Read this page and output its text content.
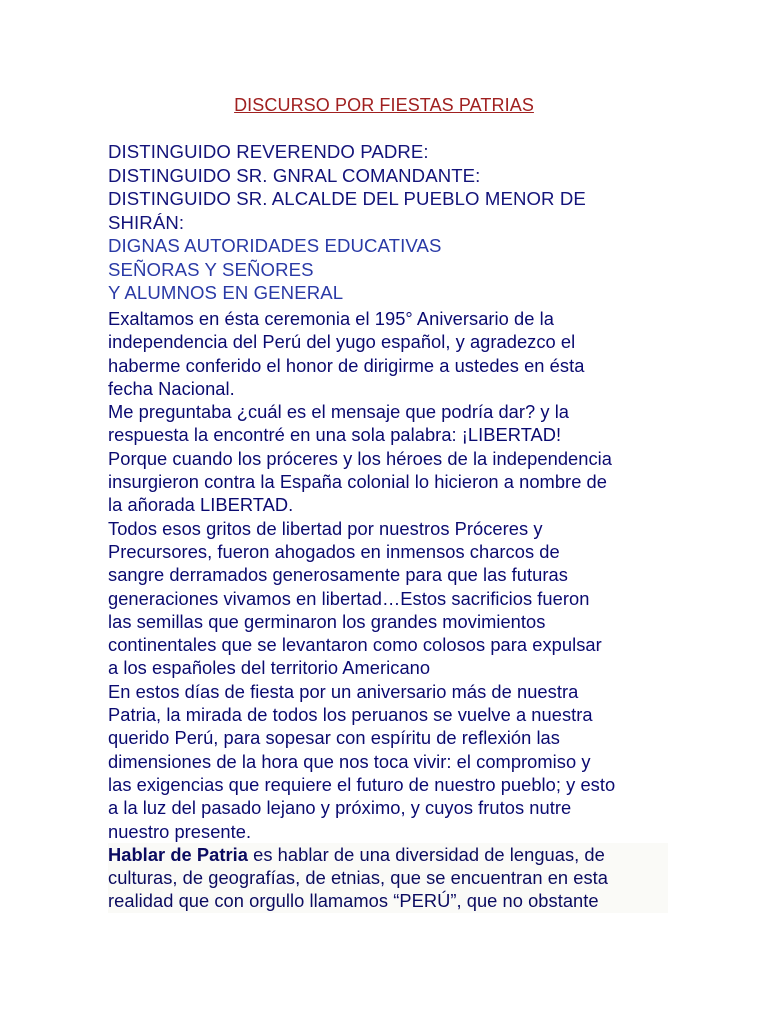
DISCURSO POR FIESTAS PATRIAS
DISTINGUIDO REVERENDO PADRE:
DISTINGUIDO SR. GNRAL COMANDANTE:
DISTINGUIDO SR. ALCALDE DEL PUEBLO MENOR DE
SHIRÁN:
DIGNAS AUTORIDADES EDUCATIVAS
SEÑORAS Y SEÑORES
Y ALUMNOS EN GENERAL
Exaltamos en ésta ceremonia el 195° Aniversario de la
independencia del Perú del yugo español, y agradezco el
haberme conferido el honor de dirigirme a ustedes en ésta
fecha Nacional.
Me preguntaba ¿cuál es el mensaje que podría dar? y la
respuesta la encontré en una sola palabra: ¡LIBERTAD!
Porque cuando los próceres y los héroes de la independencia
insurgieron contra la España colonial lo hicieron a nombre de
la añorada LIBERTAD.
Todos esos gritos de libertad por nuestros Próceres y
Precursores, fueron ahogados en inmensos charcos de
sangre derramados generosamente para que las futuras
generaciones vivamos en libertad…Estos sacrificios fueron
las semillas que germinaron los grandes movimientos
continentales que se levantaron como colosos para expulsar
a los españoles del territorio Americano
En estos días de fiesta por un aniversario más de nuestra
Patria, la mirada de todos los peruanos se vuelve a nuestra
querido Perú, para sopesar con espíritu de reflexión las
dimensiones de la hora que nos toca vivir: el compromiso y
las exigencias que requiere el futuro de nuestro pueblo; y esto
a la luz del pasado lejano y próximo, y cuyos frutos nutre
nuestro presente.
Hablar de Patria es hablar de una diversidad de lenguas, de
culturas, de geografías, de etnias, que se encuentran en esta
realidad que con orgullo llamamos “PERÚ”, que no obstante
